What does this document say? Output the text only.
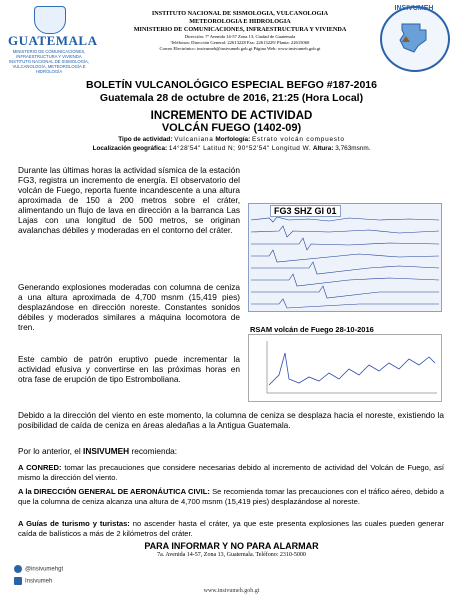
GUATEMALA
MINISTERIO DE COMUNICACIONES, INFRAESTRUCTURA Y VIVIENDA
INSTITUTO NACIONAL DE SISMOLOGÍA, VULCANOLOGÍA, METEOROLOGÍA E HIDROLOGÍA
INSTITUTO NACIONAL DE SISMOLOGIA, VULCANOLOGIA
METEOROLOGIA E HIDROLOGIA
MINISTERIO DE COMUNICACIONES, INFRAESTRUCTURA Y VIVIENDA
Dirección: 7ª Avenida 14-57 Zona 13, Ciudad de Guatemala
Teléfonos: Dirección General: 22613228 Fax: 22613229/ Planta: 22615060
Correo Electrónico: insivumeh@insivumeh.gob.gt Página Web: www.insivumeh.gob.gt
INSIVUMEH
BOLETÍN VULCANOLÓGICO ESPECIAL BEFGO #187-2016
Guatemala 28 de octubre de 2016, 21:25 (Hora Local)
INCREMENTO DE ACTIVIDAD
VOLCÁN FUEGO (1402-09)
Tipo de actividad: Vulcaniana Morfología: Estrato volcán compuesto
Localización geográfica: 14°28'54" Latitud N; 90°52'54" Longitud W. Altura: 3,763msnm.
Durante las últimas horas la actividad sísmica de la estación FG3, registra un incremento de energía. El observatorio del volcán de Fuego, reporta fuente incandescente a una altura aproximada de 150 a 200 metros sobre el cráter, alimentando un flujo de lava en dirección a la barranca Las Lajas con una longitud de 500 metros, se originan avalanchas débiles y moderadas en el contorno del cráter.
Generando explosiones moderadas con columna de ceniza a una altura aproximada de 4,700 msnm (15,419 pies) desplazándose en dirección noreste. Constantes sonidos débiles y moderados similares a máquina locomotora de tren.
Este cambio de patrón eruptivo puede incrementar la actividad efusiva y convertirse en las próximas horas en otra fase de erupción de tipo Estromboliana.
FG3 SHZ GI 01
RSAM volcán de Fuego 28-10-2016
Debido a la dirección del viento en este momento, la columna de ceniza se desplaza hacia el noreste, existiendo la posibilidad de caída de ceniza en áreas aledañas a la Antigua Guatemala.
Por lo anterior, el INSIVUMEH recomienda:
A CONRED: tomar las precauciones que considere necesarias debido al incremento de actividad del Volcán de Fuego, así mismo la dirección del viento.
A la DIRECCIÓN GENERAL DE AERONÁUTICA CIVIL: Se recomienda tomar las precauciones con el tráfico aéreo, debido a que la columna de ceniza alcanza una altura de 4,700 msnm (15,419 pies) desplazándose al noreste.
A Guías de turismo y turistas: no ascender hasta el cráter, ya que este presenta explosiones las cuales pueden generar caída de balísticos a más de 2 kilómetros del cráter.
PARA INFORMAR Y NO PARA ALARMAR
7a. Avenida 14-57, Zona 13, Guatemala. Teléfono: 2310-5000
@insivumehgt
Insivumeh
www.insivumeh.gob.gt
